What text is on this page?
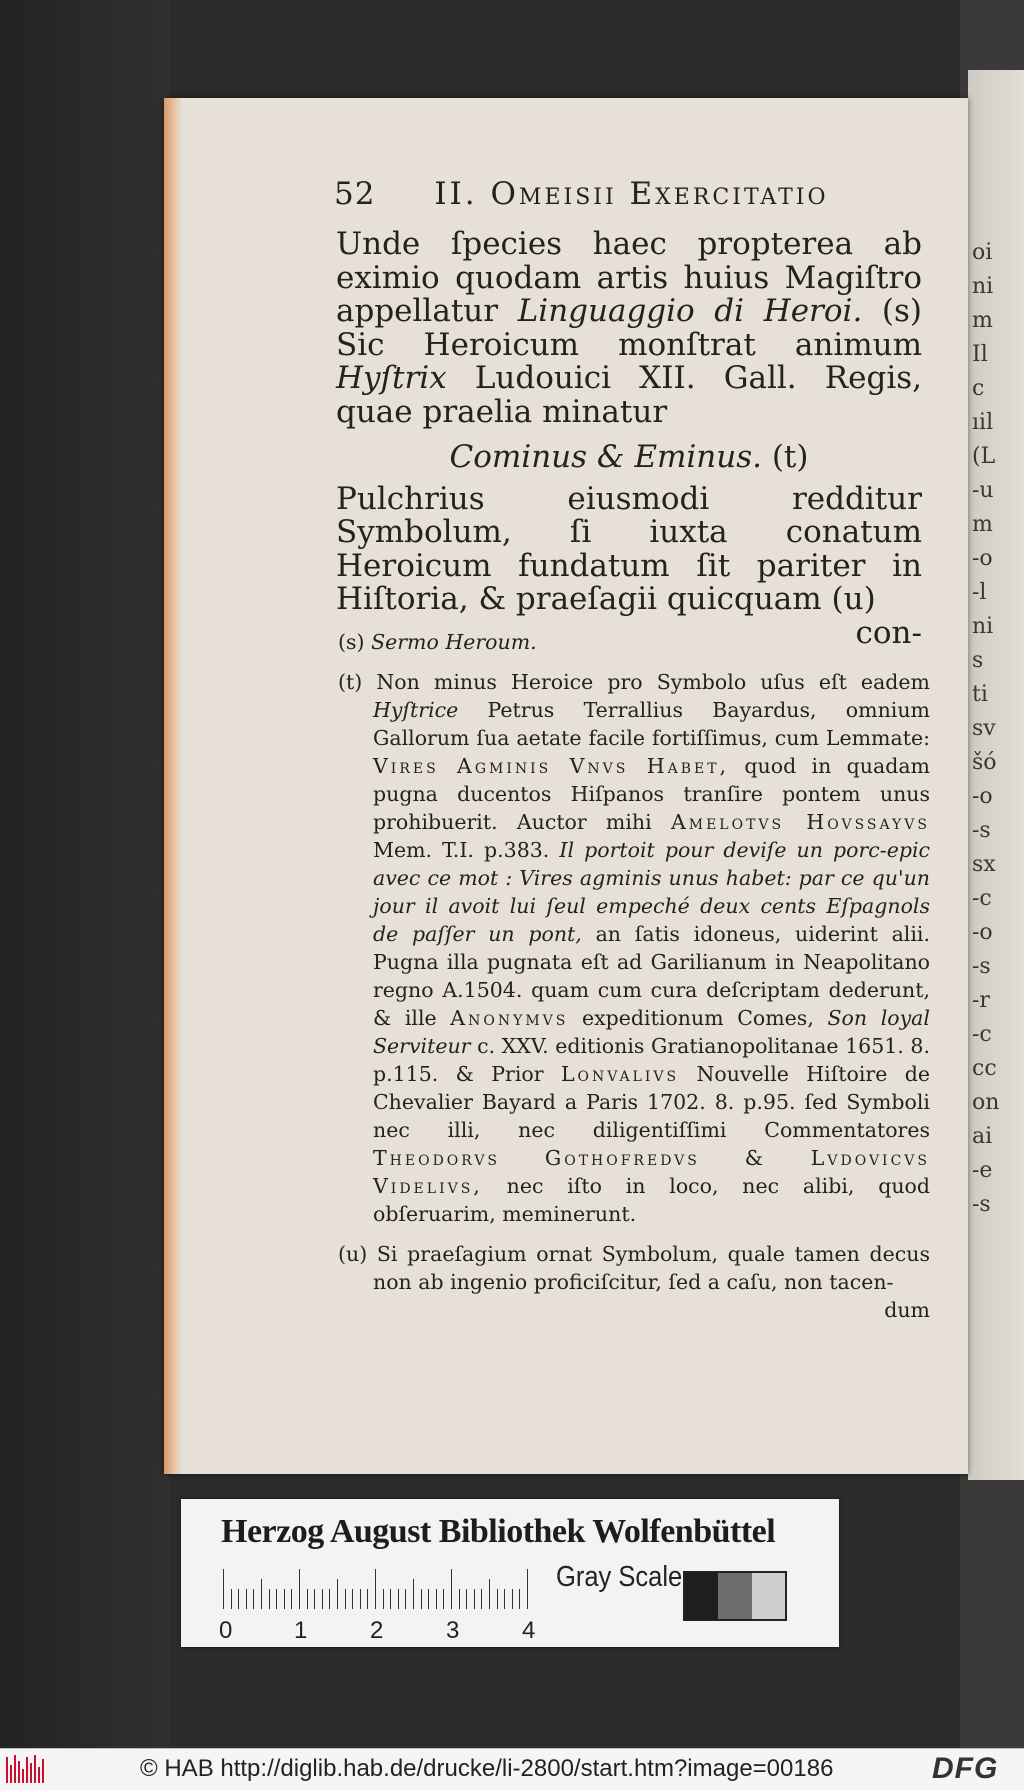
oi
ni
m
Il
c
ıil
(L
-u
m
-o
-l
ni
s
ti
sv
šó
-o
-s
sx
-c
-o
-s
-r
-c
cc
on
ai
-e
-s
52 II. Omeisii Exercitatio

Unde ſpecies haec propterea ab eximio quodam artis huius Magiſtro appellatur Linguaggio di Heroi. (s) Sic Heroicum monſtrat animum Hyſtrix Ludouici XII. Gall. Regis, quae praelia minatur

Cominus & Eminus. (t)

Pulchrius eiusmodi redditur Symbolum, ſi iuxta conatum Heroicum fundatum ſit pariter in Hiſtoria, & praeſagii quicquam (u)

con-
(s) Sermo Heroum.
(t) Non minus Heroice pro Symbolo uſus eſt eadem Hyſtrice Petrus Terrallius Bayardus, omnium Gallorum ſua aetate facile fortiſſimus, cum Lemmate: Vires Agminis Vnvs Habet, quod in quadam pugna ducentos Hiſpanos tranſire pontem unus prohibuerit. Auctor mihi Amelotvs Hovssayvs Mem. T.I. p.383. Il portoit pour deviſe un porc-epic avec ce mot : Vires agminis unus habet: par ce qu'un jour il avoit lui ſeul empeché deux cents Eſpagnols de paſſer un pont, an ſatis idoneus, uiderint alii. Pugna illa pugnata eſt ad Garilianum in Neapolitano regno A.1504. quam cum cura deſcriptam dederunt, & ille Anonymvs expeditionum Comes, Son loyal Serviteur c. XXV. editionis Gratianopolitanae 1651. 8. p.115. & Prior Lonvalivs Nouvelle Hiſtoire de Chevalier Bayard a Paris 1702. 8. p.95. ſed Symboli nec illi, nec diligentiſſimi Commentatores Theodorvs Gothofredvs & Lvdovicvs Videlivs, nec iſto in loco, nec alibi, quod obſeruarim, meminerunt.
(u) Si praeſagium ornat Symbolum, quale tamen decus non ab ingenio proficiſcitur, ſed a caſu, non tacen-
dum
Herzog August Bibliothek Wolfenbüttel
0	1	2	3	4
Gray Scale
© HAB http://diglib.hab.de/drucke/li-2800/start.htm?image=00186	DFG
